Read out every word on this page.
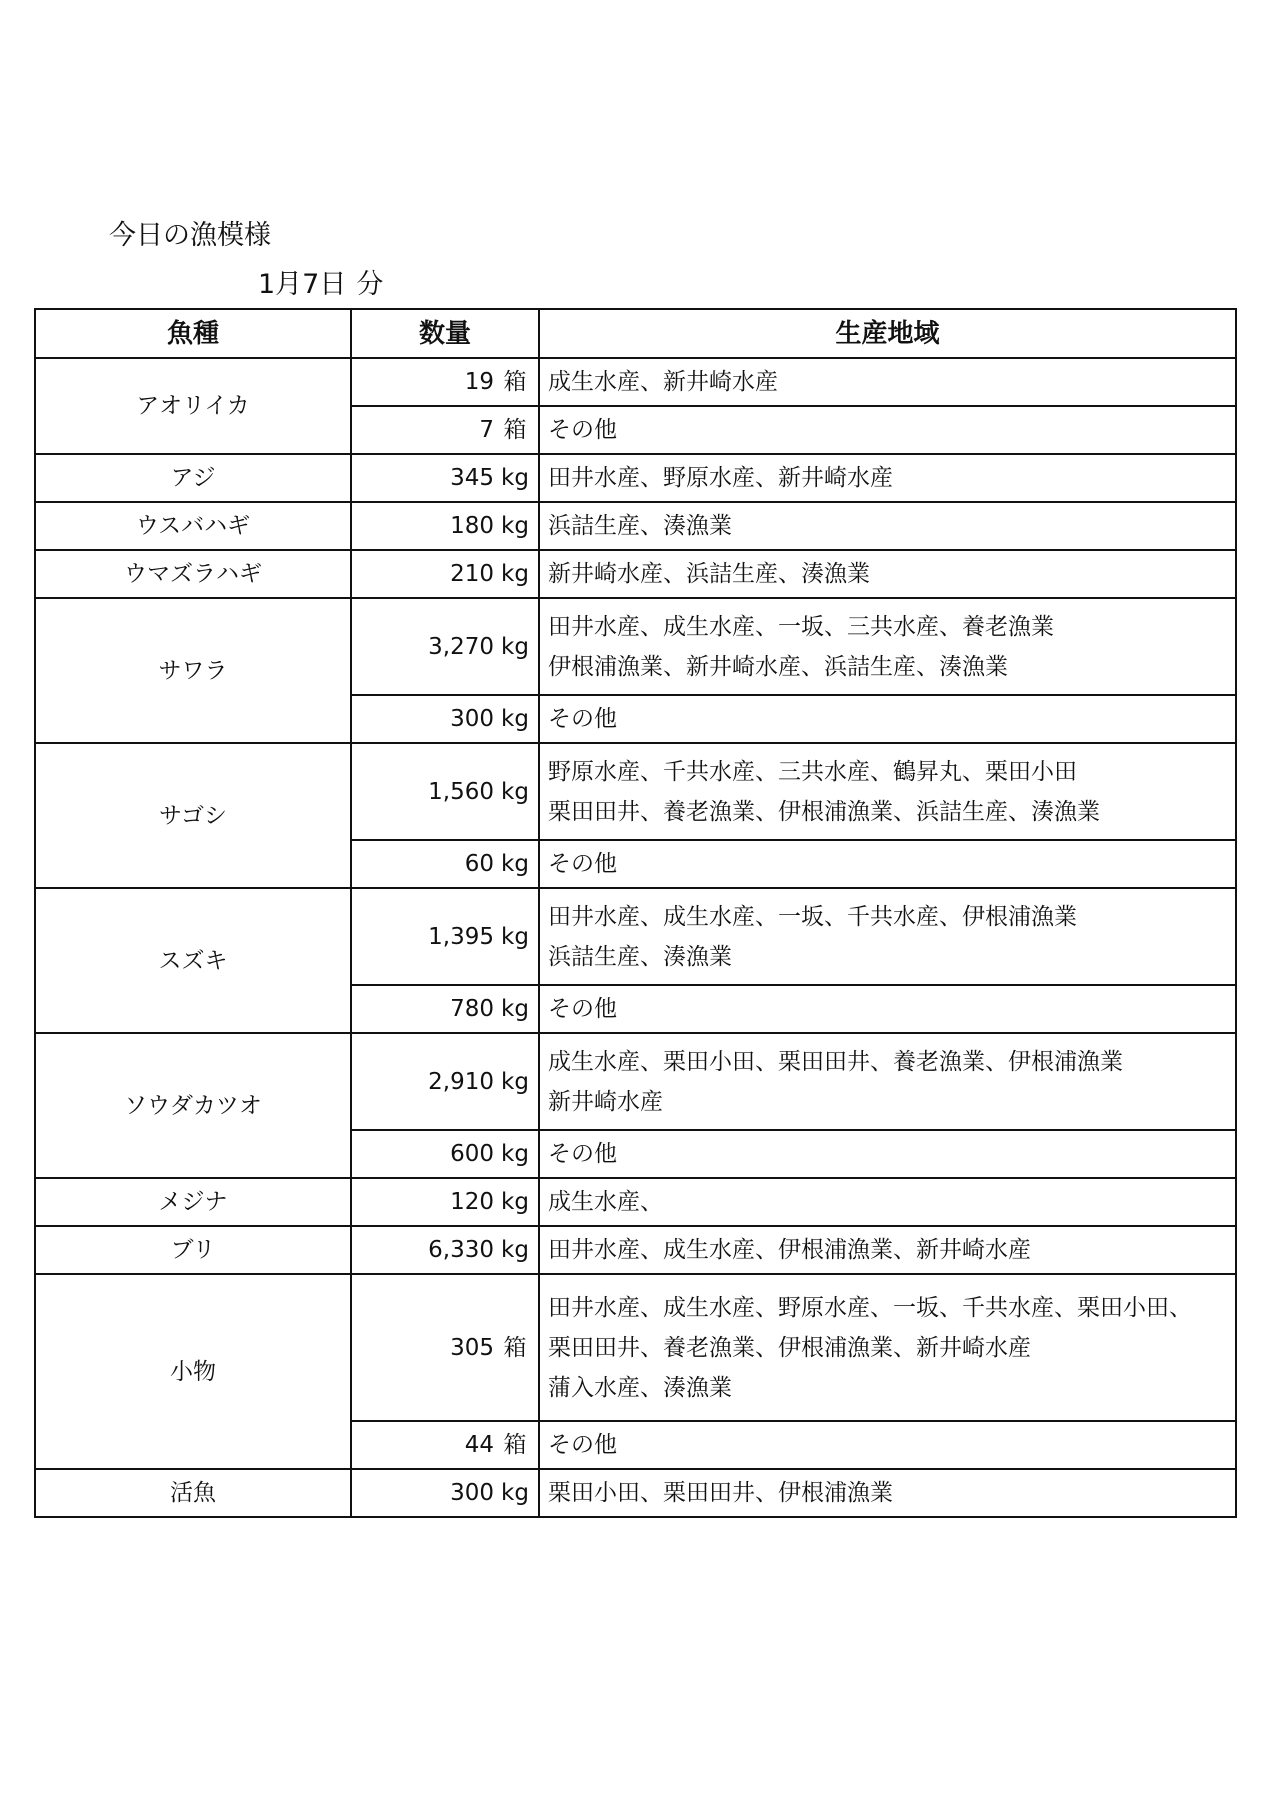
今日の漁模様
1月7日 分
魚種	数量	生産地域
アオリイカ	19 箱	成生水産、新井崎水産

	7 箱	その他

アジ	345 kg	田井水産、野原水産、新井崎水産

ウスバハギ	180 kg	浜詰生産、湊漁業

ウマズラハギ	210 kg	新井崎水産、浜詰生産、湊漁業

サワラ	3,270 kg	田井水産、成生水産、一坂、三共水産、養老漁業
伊根浦漁業、新井崎水産、浜詰生産、湊漁業

	300 kg	その他

サゴシ	1,560 kg	野原水産、千共水産、三共水産、鶴昇丸、栗田小田
栗田田井、養老漁業、伊根浦漁業、浜詰生産、湊漁業

	60 kg	その他

スズキ	1,395 kg	田井水産、成生水産、一坂、千共水産、伊根浦漁業
浜詰生産、湊漁業

	780 kg	その他

ソウダカツオ	2,910 kg	成生水産、栗田小田、栗田田井、養老漁業、伊根浦漁業
新井崎水産

	600 kg	その他

メジナ	120 kg	成生水産、

ブリ	6,330 kg	田井水産、成生水産、伊根浦漁業、新井崎水産

小物	305 箱	田井水産、成生水産、野原水産、一坂、千共水産、栗田小田、
栗田田井、養老漁業、伊根浦漁業、新井崎水産
蒲入水産、湊漁業

	44 箱	その他

活魚	300 kg	栗田小田、栗田田井、伊根浦漁業
